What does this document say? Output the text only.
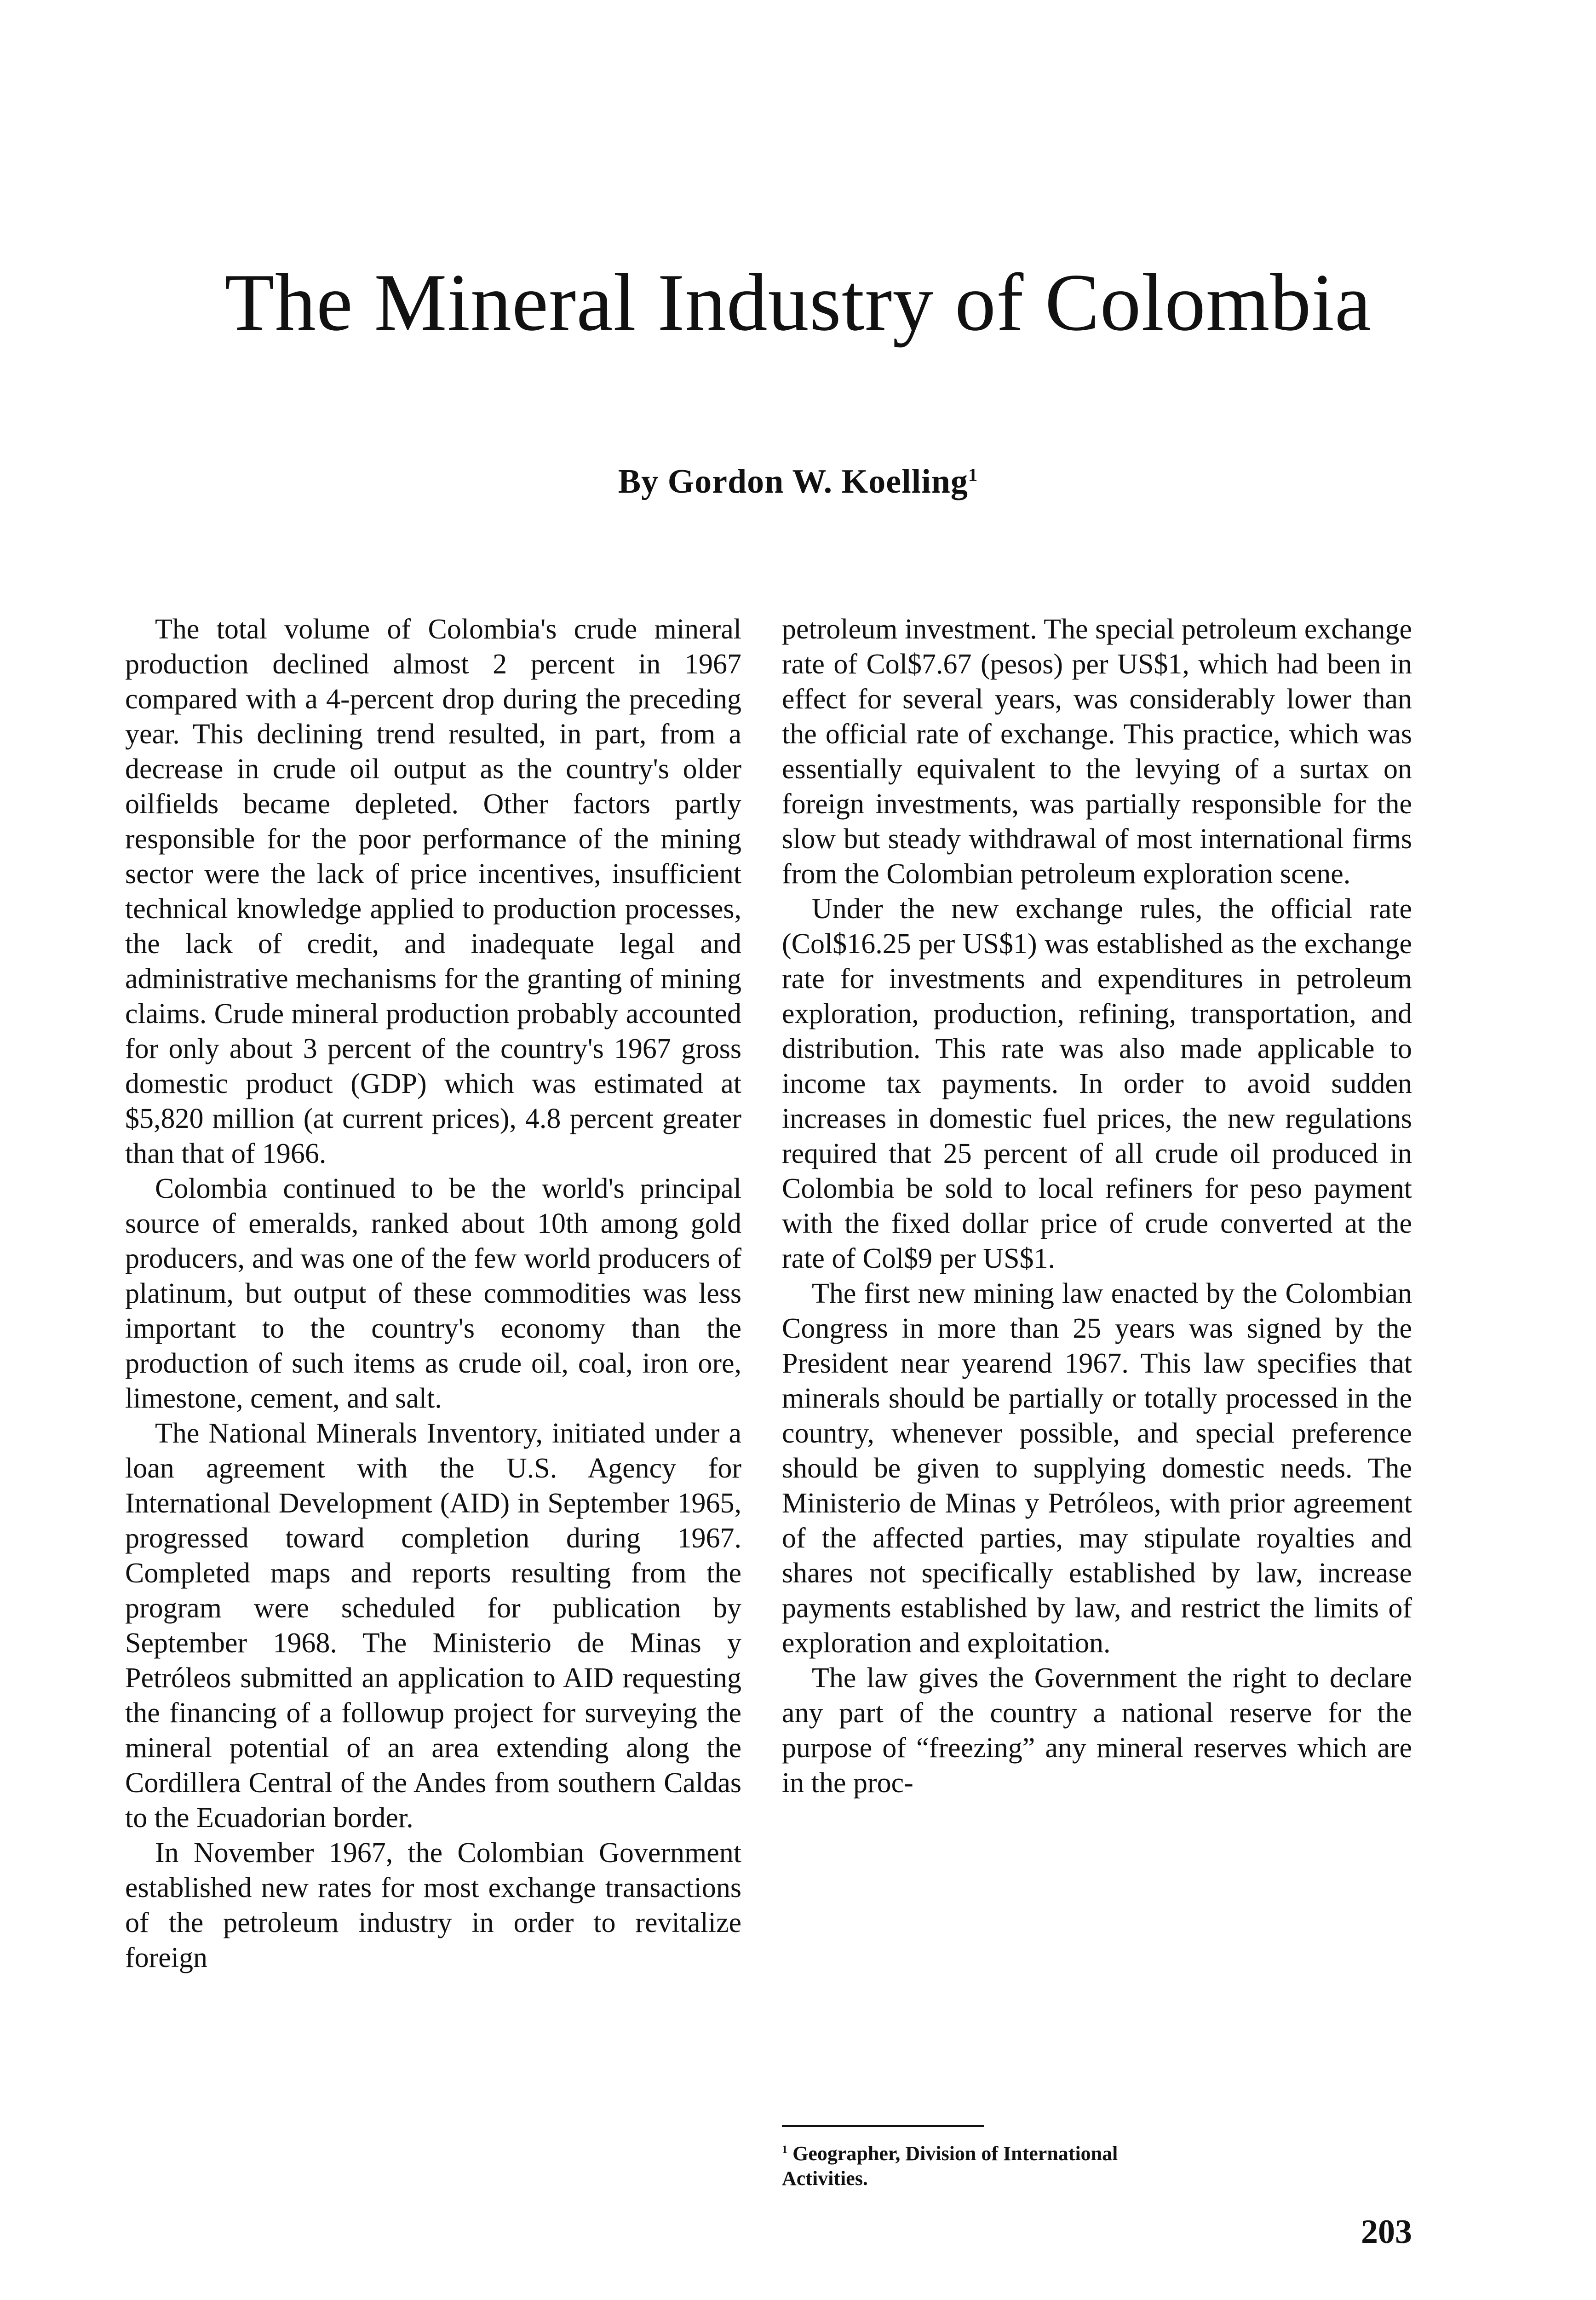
The Mineral Industry of Colombia
By Gordon W. Koelling$^1$

The total volume of Colombia's crude mineral production declined almost 2 percent in 1967 compared with a 4-percent drop during the preceding year. This declining trend resulted, in part, from a decrease in crude oil output as the country's older oilfields became depleted. Other factors partly responsible for the poor performance of the mining sector were the lack of price incentives, insufficient technical knowledge applied to production processes, the lack of credit, and inadequate legal and administrative mechanisms for the granting of mining claims. Crude mineral production probably accounted for only about 3 percent of the country's 1967 gross domestic product (GDP) which was estimated at $5,820 million (at current prices), 4.8 percent greater than that of 1966.

Colombia continued to be the world's principal source of emeralds, ranked about 10th among gold producers, and was one of the few world producers of platinum, but output of these commodities was less important to the country's economy than the production of such items as crude oil, coal, iron ore, limestone, cement, and salt.

The National Minerals Inventory, initiated under a loan agreement with the U.S. Agency for International Development (AID) in September 1965, progressed toward completion during 1967. Completed maps and reports resulting from the program were scheduled for publication by September 1968. The Ministerio de Minas y Petróleos submitted an application to AID requesting the financing of a followup project for surveying the mineral potential of an area extending along the Cordillera Central of the Andes from southern Caldas to the Ecuadorian border.

In November 1967, the Colombian Government established new rates for most exchange transactions of the petroleum industry in order to revitalize foreign

petroleum investment. The special petroleum exchange rate of Col$7.67 (pesos) per US$1, which had been in effect for several years, was considerably lower than the official rate of exchange. This practice, which was essentially equivalent to the levying of a surtax on foreign investments, was partially responsible for the slow but steady withdrawal of most international firms from the Colombian petroleum exploration scene.

Under the new exchange rules, the official rate (Col$16.25 per US$1) was established as the exchange rate for investments and expenditures in petroleum exploration, production, refining, transportation, and distribution. This rate was also made applicable to income tax payments. In order to avoid sudden increases in domestic fuel prices, the new regulations required that 25 percent of all crude oil produced in Colombia be sold to local refiners for peso payment with the fixed dollar price of crude converted at the rate of Col$9 per US$1.

The first new mining law enacted by the Colombian Congress in more than 25 years was signed by the President near yearend 1967. This law specifies that minerals should be partially or totally processed in the country, whenever possible, and special preference should be given to supplying domestic needs. The Ministerio de Minas y Petróleos, with prior agreement of the affected parties, may stipulate royalties and shares not specifically established by law, increase payments established by law, and restrict the limits of exploration and exploitation.

The law gives the Government the right to declare any part of the country a national reserve for the purpose of “freezing” any mineral reserves which are in the proc-

$^1$ Geographer, Division of International
Activities.
203
